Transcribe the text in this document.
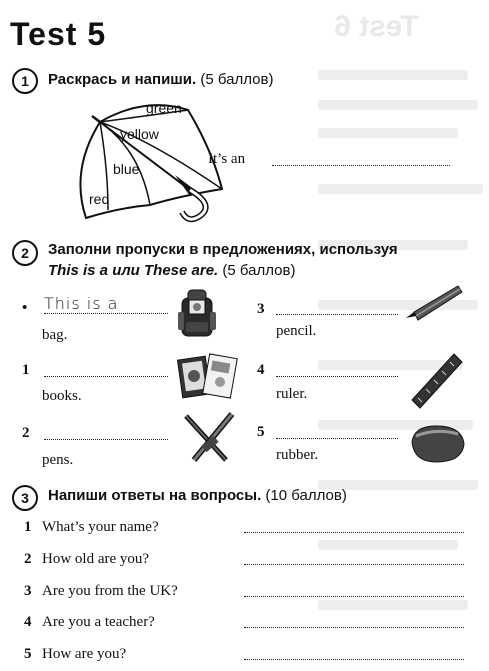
Test 6
Test 5
1	Раскрась и напиши. (5 баллов)
green
yellow
blue
red
It’s an
2	Заполни пропуски в предложениях, используя
This is a или These are. (5 баллов)
• This is a
bag.
1
books.
2
pens.
3
pencil.
4
ruler.
5
rubber.
3	Напиши ответы на вопросы. (10 баллов)
1 What’s your name?
2 How old are you?
3 Are you from the UK?
4 Are you a teacher?
5 How are you?
